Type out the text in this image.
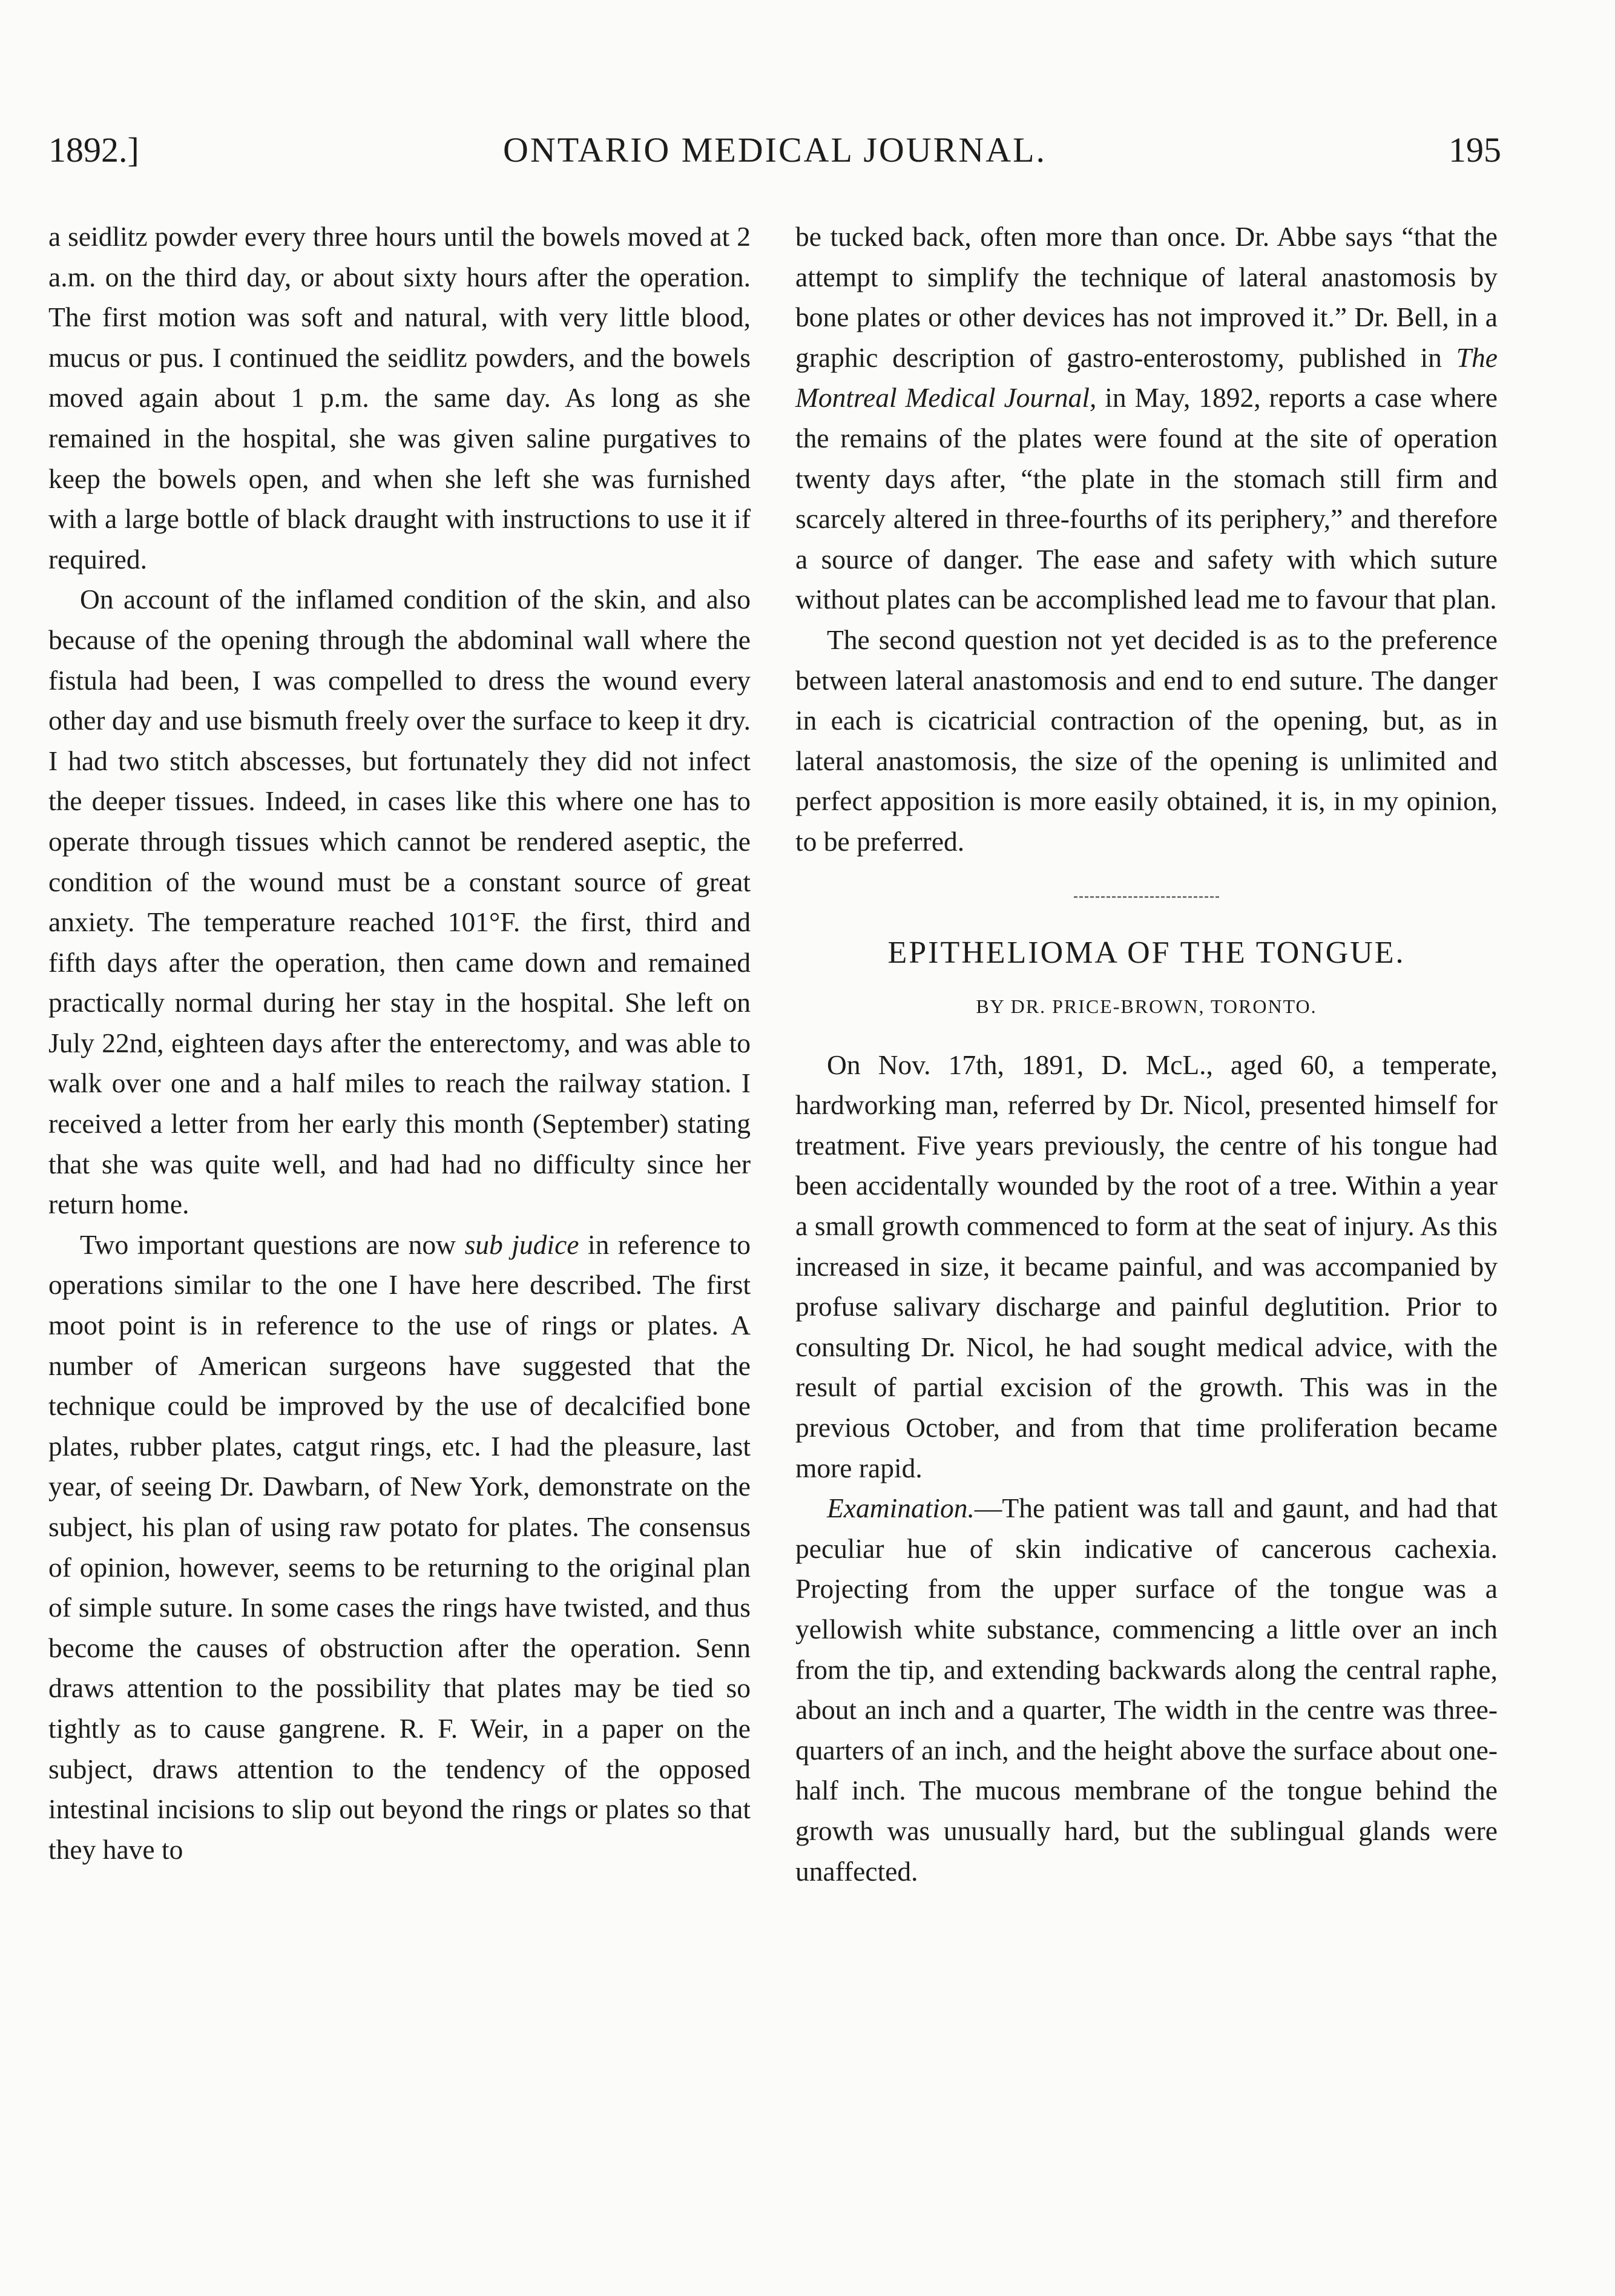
1892.]	ONTARIO MEDICAL JOURNAL.	195

a seidlitz powder every three hours until the bowels moved at 2 a.m. on the third day, or about sixty hours after the operation. The first motion was soft and natural, with very little blood, mucus or pus. I continued the seidlitz powders, and the bowels moved again about 1 p.m. the same day. As long as she remained in the hospital, she was given saline purgatives to keep the bowels open, and when she left she was furnished with a large bottle of black draught with instructions to use it if required.

On account of the inflamed condition of the skin, and also because of the opening through the abdominal wall where the fistula had been, I was compelled to dress the wound every other day and use bismuth freely over the surface to keep it dry. I had two stitch abscesses, but fortunately they did not infect the deeper tissues. Indeed, in cases like this where one has to operate through tissues which cannot be rendered aseptic, the condition of the wound must be a constant source of great anxiety. The temperature reached 101°F. the first, third and fifth days after the operation, then came down and remained practically normal during her stay in the hospital. She left on July 22nd, eighteen days after the enterectomy, and was able to walk over one and a half miles to reach the railway station. I received a letter from her early this month (September) stating that she was quite well, and had had no difficulty since her return home.

Two important questions are now sub judice in reference to operations similar to the one I have here described. The first moot point is in reference to the use of rings or plates. A number of American surgeons have suggested that the technique could be improved by the use of decalcified bone plates, rubber plates, catgut rings, etc. I had the pleasure, last year, of seeing Dr. Dawbarn, of New York, demonstrate on the subject, his plan of using raw potato for plates. The consensus of opinion, however, seems to be returning to the original plan of simple suture. In some cases the rings have twisted, and thus become the causes of obstruction after the operation. Senn draws attention to the possibility that plates may be tied so tightly as to cause gangrene. R. F. Weir, in a paper on the subject, draws attention to the tendency of the opposed intestinal incisions to slip out beyond the rings or plates so that they have to

be tucked back, often more than once. Dr. Abbe says “that the attempt to simplify the technique of lateral anastomosis by bone plates or other devices has not improved it.” Dr. Bell, in a graphic description of gastro-enterostomy, published in The Montreal Medical Journal, in May, 1892, reports a case where the remains of the plates were found at the site of operation twenty days after, “the plate in the stomach still firm and scarcely altered in three-fourths of its periphery,” and therefore a source of danger. The ease and safety with which suture without plates can be accomplished lead me to favour that plan.

The second question not yet decided is as to the preference between lateral anastomosis and end to end suture. The danger in each is cicatricial contraction of the opening, but, as in lateral anastomosis, the size of the opening is unlimited and perfect apposition is more easily obtained, it is, in my opinion, to be preferred.

EPITHELIOMA OF THE TONGUE.
BY DR. PRICE-BROWN, TORONTO.

On Nov. 17th, 1891, D. McL., aged 60, a temperate, hardworking man, referred by Dr. Nicol, presented himself for treatment. Five years previously, the centre of his tongue had been accidentally wounded by the root of a tree. Within a year a small growth commenced to form at the seat of injury. As this increased in size, it became painful, and was accompanied by profuse salivary discharge and painful deglutition. Prior to consulting Dr. Nicol, he had sought medical advice, with the result of partial excision of the growth. This was in the previous October, and from that time proliferation became more rapid.

Examination.—The patient was tall and gaunt, and had that peculiar hue of skin indicative of cancerous cachexia. Projecting from the upper surface of the tongue was a yellowish white substance, commencing a little over an inch from the tip, and extending backwards along the central raphe, about an inch and a quarter, The width in the centre was three-quarters of an inch, and the height above the surface about one-half inch. The mucous membrane of the tongue behind the growth was unusually hard, but the sublingual glands were unaffected.
